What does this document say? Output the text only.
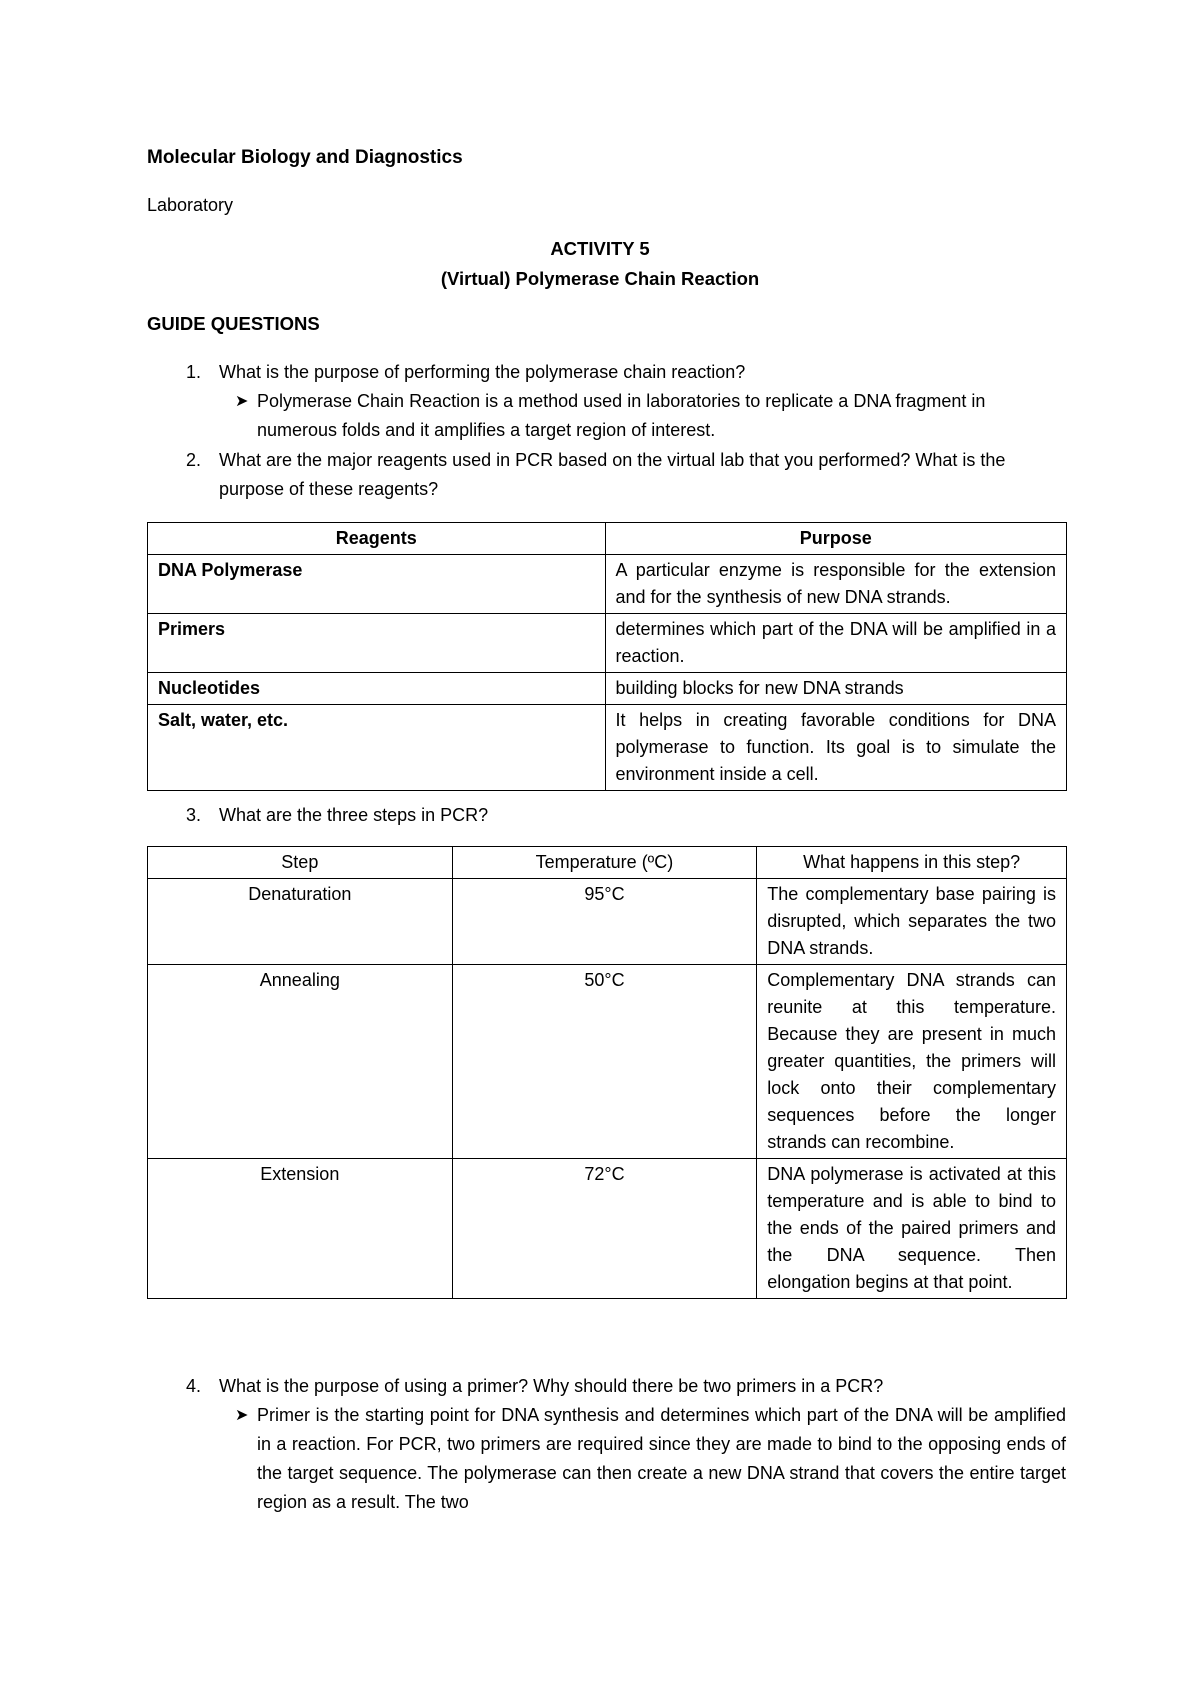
Molecular Biology and Diagnostics
Laboratory
ACTIVITY 5
(Virtual) Polymerase Chain Reaction
GUIDE QUESTIONS
1. What is the purpose of performing the polymerase chain reaction?
➤ Polymerase Chain Reaction is a method used in laboratories to replicate a DNA fragment in numerous folds and it amplifies a target region of interest.
2. What are the major reagents used in PCR based on the virtual lab that you performed? What is the purpose of these reagents?
Reagents	Purpose
DNA Polymerase	A particular enzyme is responsible for the extension and for the synthesis of new DNA strands.
Primers	determines which part of the DNA will be amplified in a reaction.
Nucleotides	building blocks for new DNA strands
Salt, water, etc.	It helps in creating favorable conditions for DNA polymerase to function. Its goal is to simulate the environment inside a cell.
3. What are the three steps in PCR?
Step	Temperature (ºC)	What happens in this step?
Denaturation	95°C	The complementary base pairing is disrupted, which separates the two DNA strands.
Annealing	50°C	Complementary DNA strands can reunite at this temperature. Because they are present in much greater quantities, the primers will lock onto their complementary sequences before the longer strands can recombine.
Extension	72°C	DNA polymerase is activated at this temperature and is able to bind to the ends of the paired primers and the DNA sequence. Then elongation begins at that point.
4. What is the purpose of using a primer? Why should there be two primers in a PCR?
➤ Primer is the starting point for DNA synthesis and determines which part of the DNA will be amplified in a reaction. For PCR, two primers are required since they are made to bind to the opposing ends of the target sequence. The polymerase can then create a new DNA strand that covers the entire target region as a result. The two
